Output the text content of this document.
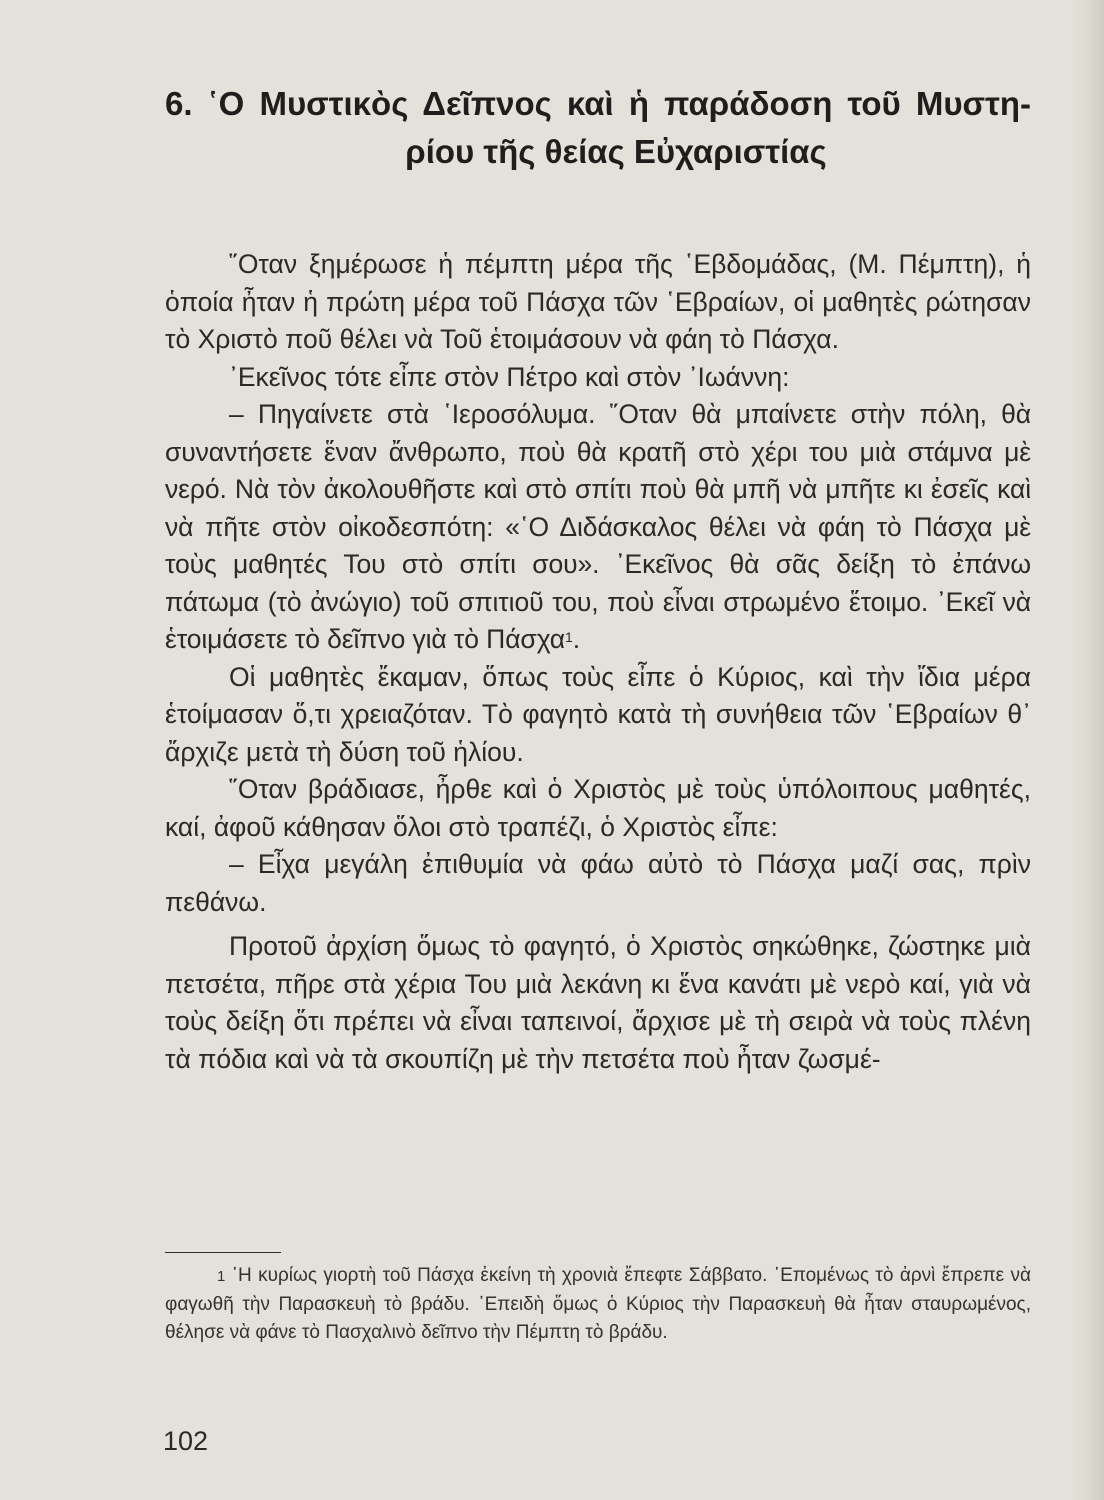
6. ῾Ο Μυστικὸς Δεῖπνος καὶ ἡ παράδοση τοῦ Μυστη-
ρίου τῆς θείας Εὐχαριστίας

῞Οταν ξημέρωσε ἡ πέμπτη μέρα τῆς ῾Εβδομάδας, (Μ. Πέμπτη), ἡ ὁποία ἦταν ἡ πρώτη μέρα τοῦ Πάσχα τῶν ῾Εβραίων, οἱ μαθητὲς ρώτησαν τὸ Χριστὸ ποῦ θέλει νὰ Τοῦ ἑτοιμάσουν νὰ φάη τὸ Πάσχα.

᾽Εκεῖνος τότε εἶπε στὸν Πέτρο καὶ στὸν ᾽Ιωάννη:

– Πηγαίνετε στὰ ῾Ιεροσόλυμα. ῞Οταν θὰ μπαίνετε στὴν πόλη, θὰ συναντήσετε ἕναν ἄνθρωπο, ποὺ θὰ κρατῆ στὸ χέρι του μιὰ στάμνα μὲ νερό. Νὰ τὸν ἀκολουθῆστε καὶ στὸ σπίτι ποὺ θὰ μπῆ νὰ μπῆτε κι ἐσεῖς καὶ νὰ πῆτε στὸν οἰκοδεσπότη: «῾Ο Διδάσκαλος θέλει νὰ φάη τὸ Πάσχα μὲ τοὺς μαθητές Του στὸ σπίτι σου». ᾽Εκεῖνος θὰ σᾶς δείξη τὸ ἐπάνω πάτωμα (τὸ ἀνώγιο) τοῦ σπιτιοῦ του, ποὺ εἶναι στρωμένο ἕτοιμο. ᾽Εκεῖ νὰ ἑτοιμάσετε τὸ δεῖπνο γιὰ τὸ Πάσχα$^1$.

Οἱ μαθητὲς ἔκαμαν, ὅπως τοὺς εἶπε ὁ Κύριος, καὶ τὴν ἴδια μέρα ἑτοίμασαν ὅ,τι χρειαζόταν. Τὸ φαγητὸ κατὰ τὴ συνήθεια τῶν ῾Εβραίων θ᾽ ἄρχιζε μετὰ τὴ δύση τοῦ ἡλίου.

῞Οταν βράδιασε, ἦρθε καὶ ὁ Χριστὸς μὲ τοὺς ὑπόλοιπους μαθητές, καί, ἀφοῦ κάθησαν ὅλοι στὸ τραπέζι, ὁ Χριστὸς εἶπε:

– Εἶχα μεγάλη ἐπιθυμία νὰ φάω αὐτὸ τὸ Πάσχα μαζί σας, πρὶν πεθάνω.

Προτοῦ ἀρχίση ὅμως τὸ φαγητό, ὁ Χριστὸς σηκώθηκε, ζώστηκε μιὰ πετσέτα, πῆρε στὰ χέρια Του μιὰ λεκάνη κι ἕνα κανάτι μὲ νερὸ καί, γιὰ νὰ τοὺς δείξη ὅτι πρέπει νὰ εἶναι ταπεινοί, ἄρχισε μὲ τὴ σειρὰ νὰ τοὺς πλένη τὰ πόδια καὶ νὰ τὰ σκουπίζη μὲ τὴν πετσέτα ποὺ ἦταν ζωσμέ-

1 ῾Η κυρίως γιορτὴ τοῦ Πάσχα ἐκείνη τὴ χρονιὰ ἔπεφτε Σάββατο. ῾Επομένως τὸ ἀρνὶ ἔπρεπε νὰ φαγωθῆ τὴν Παρασκευὴ τὸ βράδυ. ᾽Επειδὴ ὅμως ὁ Κύριος τὴν Παρασκευὴ θὰ ἦταν σταυρωμένος, θέλησε νὰ φάνε τὸ Πασχαλινὸ δεῖπνο τὴν Πέμπτη τὸ βράδυ.

102
